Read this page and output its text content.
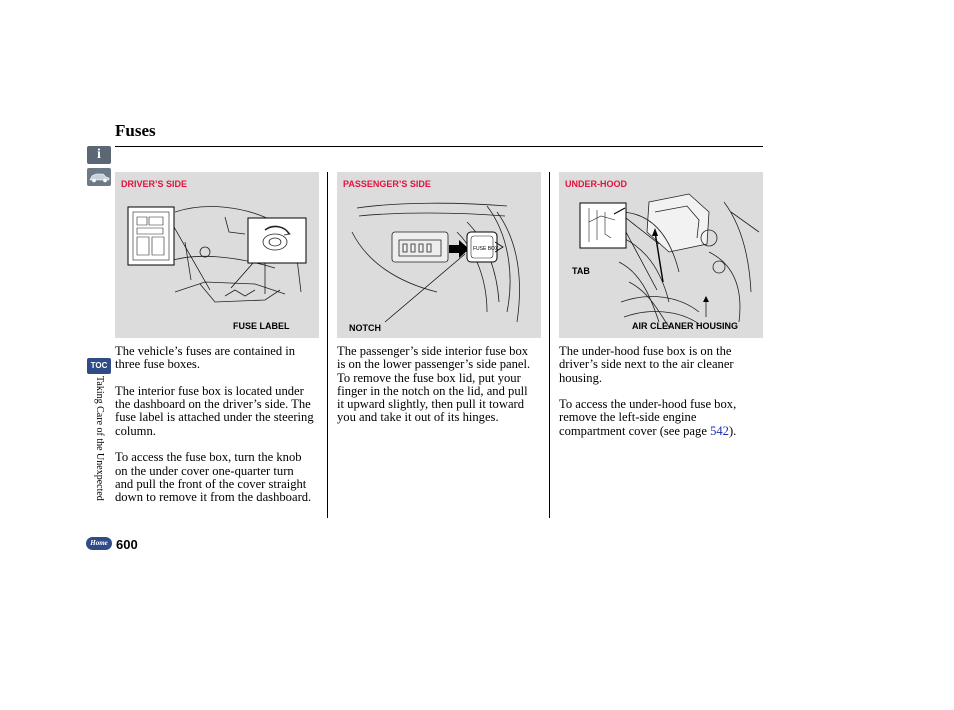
Fuses
i
TOC
Taking Care of the Unexpected
Home 600
DRIVER’S SIDE
FUSE LABEL
FUSE BOX
PASSENGER’S SIDE
NOTCH
UNDER-HOOD
TAB
AIR CLEANER HOUSING

The vehicle’s fuses are contained in three fuse boxes.

The interior fuse box is located under the dashboard on the driver’s side. The fuse label is attached under the steering column.

To access the fuse box, turn the knob on the under cover one-quarter turn and pull the front of the cover straight down to remove it from the dashboard.

The passenger’s side interior fuse box is on the lower passenger’s side panel. To remove the fuse box lid, put your finger in the notch on the lid, and pull it upward slightly, then pull it toward you and take it out of its hinges.

The under-hood fuse box is on the driver’s side next to the air cleaner housing.

To access the under-hood fuse box, remove the left-side engine compartment cover (see page 542).
